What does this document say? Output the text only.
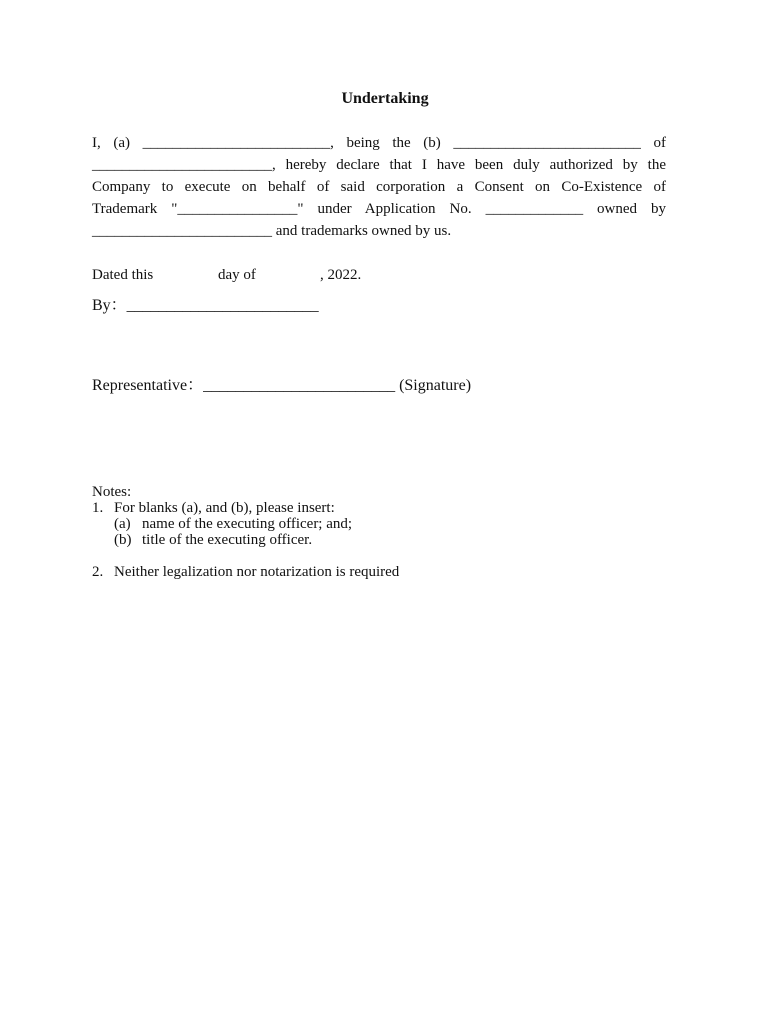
Undertaking
I, (a) _________________________, being the (b) _________________________ of
________________________, hereby declare that I have been duly authorized by the
Company to execute on behalf of said corporation a Consent on Co-Existence of
Trademark "________________" under Application No. _____________ owned by
________________________ and trademarks owned by us.
Dated this	day of	, 2022.
By：________________________
Representative：________________________ (Signature)
Notes:
1. For blanks (a), and (b), please insert:
(a) name of the executing officer; and;
(b) title of the executing officer.
2. Neither legalization nor notarization is required
